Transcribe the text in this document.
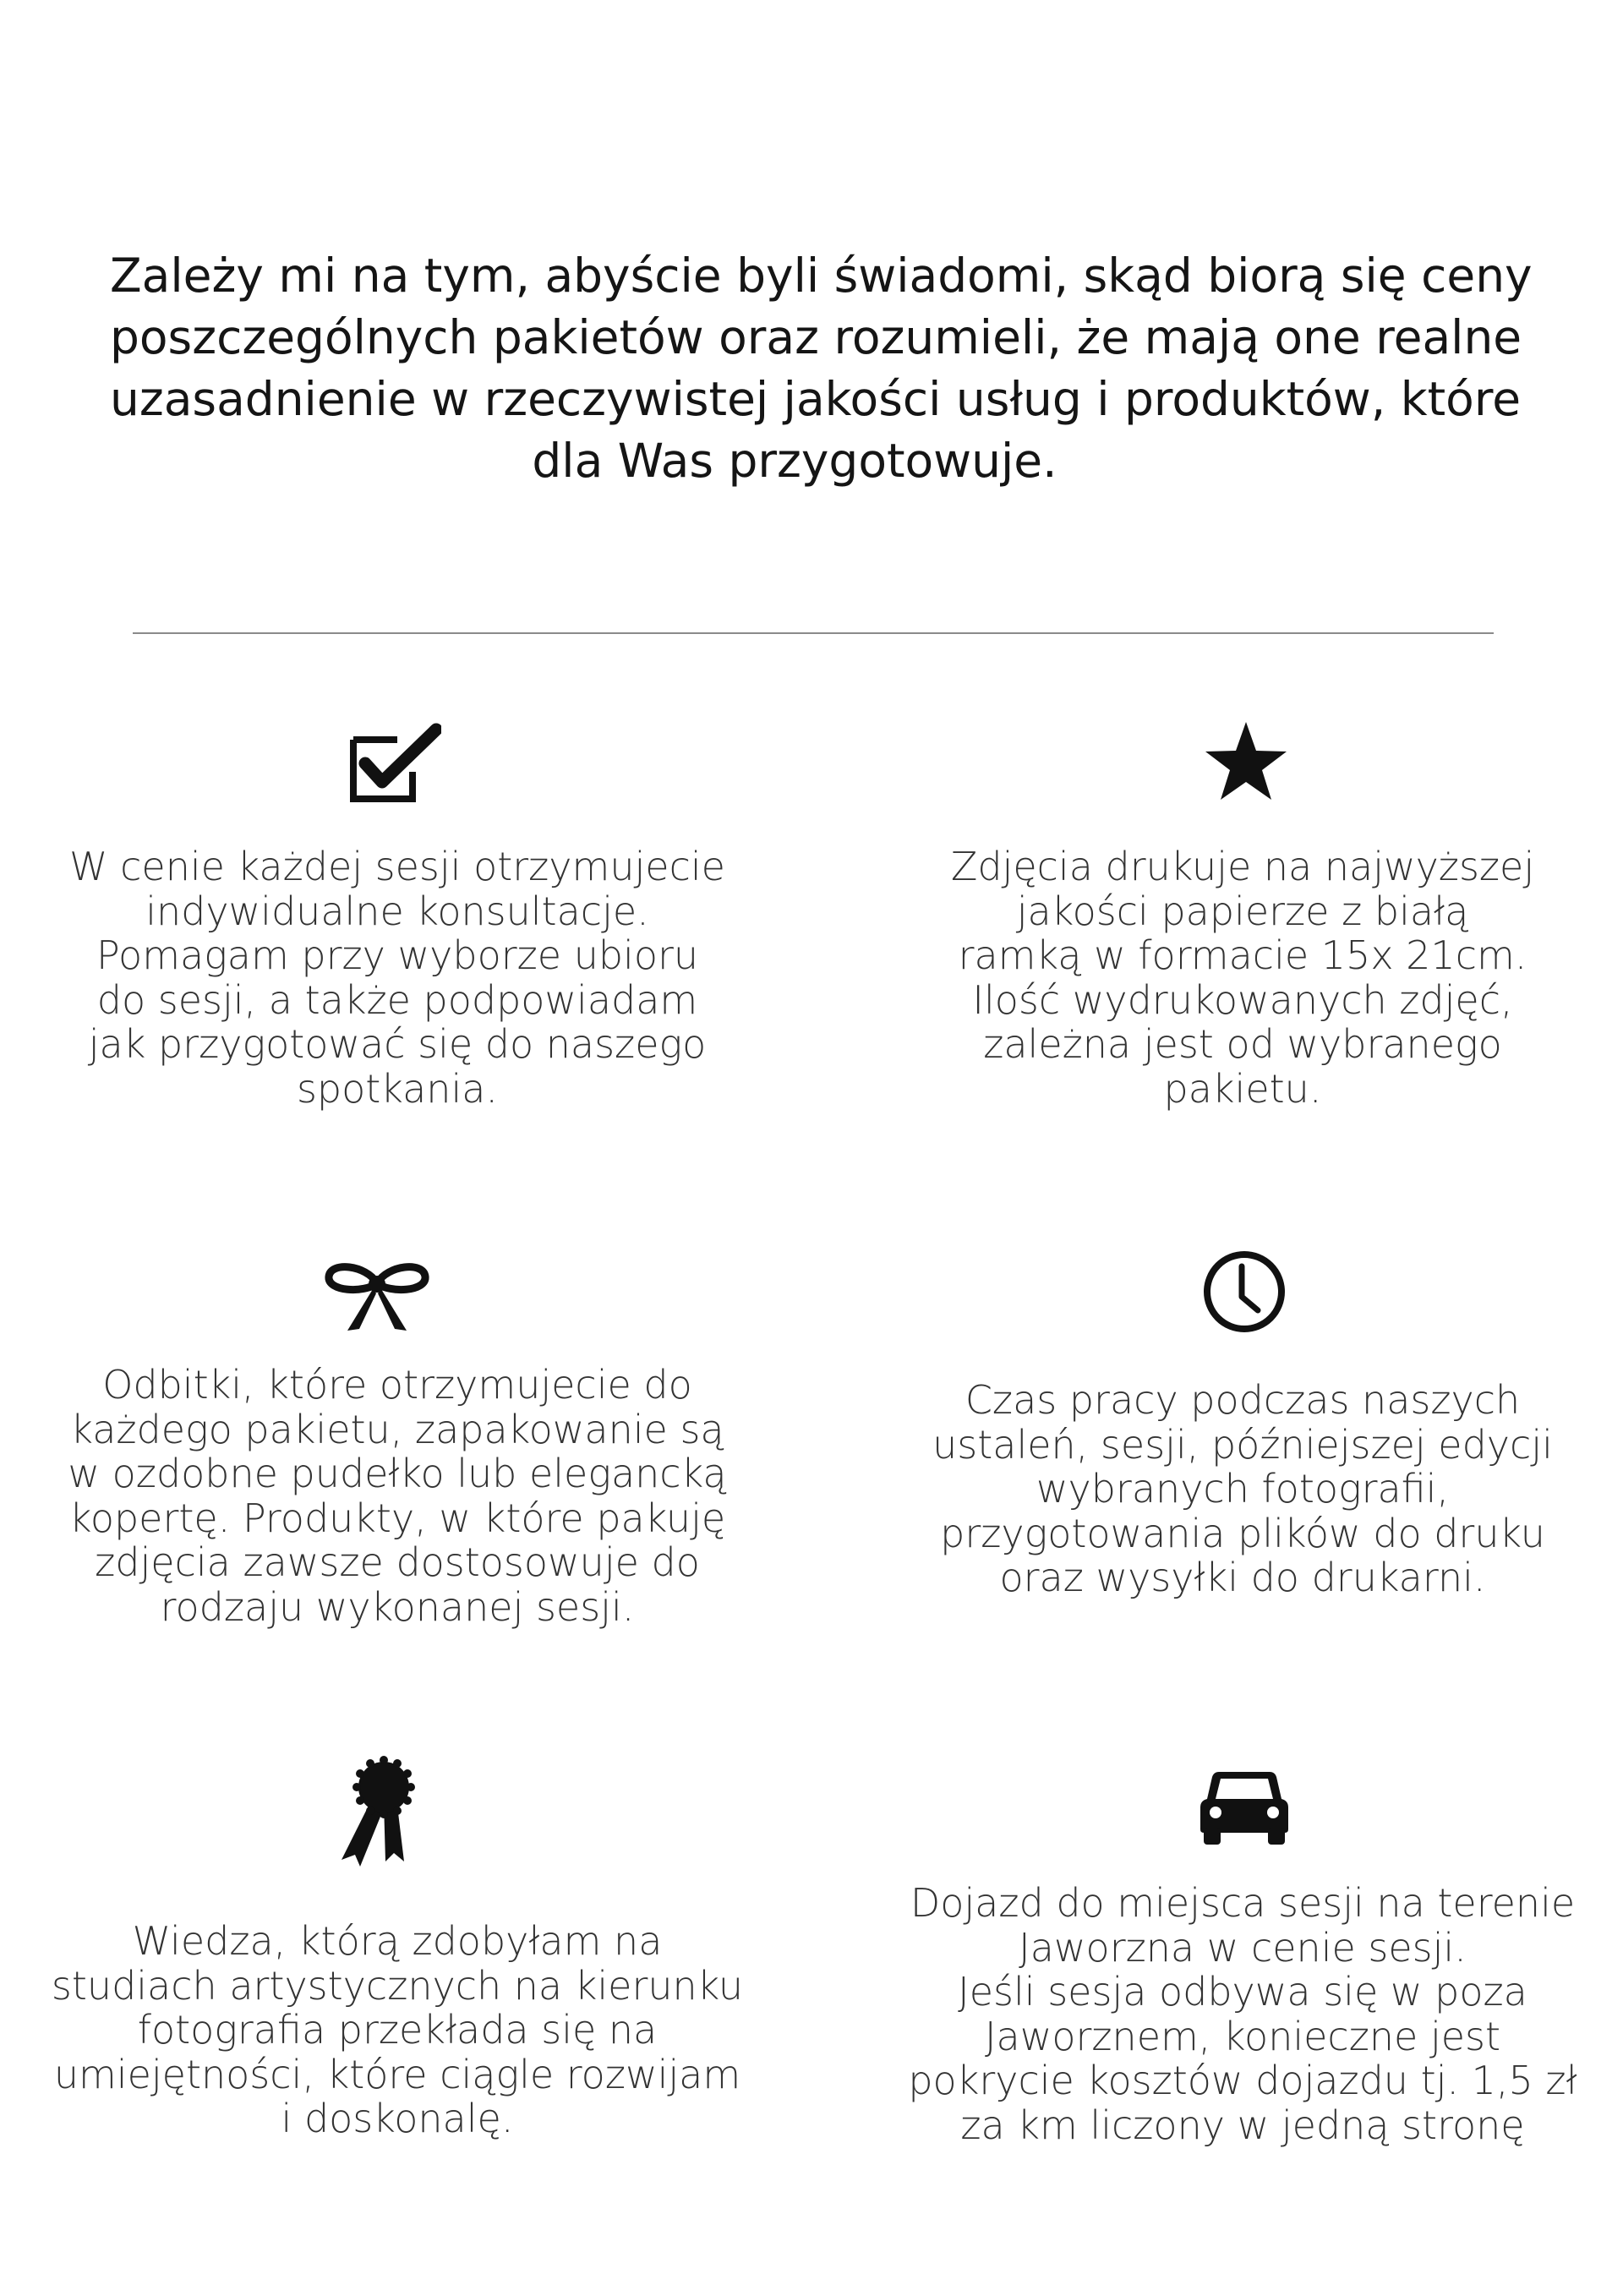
Zależy mi na tym, abyście byli świadomi, skąd biorą się ceny
poszczególnych pakietów oraz rozumieli, że mają one realne
uzasadnienie w rzeczywistej jakości usług i produktów, które
dla Was przygotowuje.

W cenie każdej sesji otrzymujecie
indywidualne konsultacje.
Pomagam przy wyborze ubioru
do sesji, a także podpowiadam
jak przygotować się do naszego
spotkania.

Zdjęcia drukuje na najwyższej
jakości papierze z białą
ramką w formacie 15x 21cm.
Ilość wydrukowanych zdjęć,
zależna jest od wybranego
pakietu.

Odbitki, które otrzymujecie do
każdego pakietu, zapakowanie są
w ozdobne pudełko lub elegancką
kopertę. Produkty, w które pakuję
zdjęcia zawsze dostosowuje do
rodzaju wykonanej sesji.

Czas pracy podczas naszych
ustaleń, sesji, późniejszej edycji
wybranych fotografii,
przygotowania plików do druku
oraz wysyłki do drukarni.

Wiedza, którą zdobyłam na
studiach artystycznych na kierunku
fotografia przekłada się na
umiejętności, które ciągle rozwijam
i doskonalę.

Dojazd do miejsca sesji na terenie
Jaworzna w cenie sesji.
Jeśli sesja odbywa się w poza
Jaworznem, konieczne jest
pokrycie kosztów dojazdu tj. 1,5 zł
za km liczony w jedną stronę
